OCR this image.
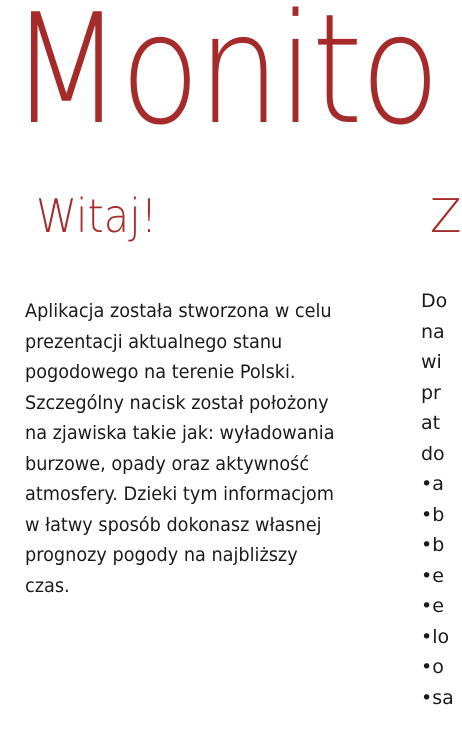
Monito
Witaj!	Z

Aplikacja została stworzona w celu
prezentacji aktualnego stanu
pogodowego na terenie Polski.
Szczególny nacisk został położony
na zjawiska takie jak: wyładowania
burzowe, opady oraz aktywność
atmosfery. Dzieki tym informacjom
w łatwy sposób dokonasz własnej
prognozy pogody na najbliższy
czas.

Do
na
wi
pr
at
do
•a
•b
•b
•e
•e
•lo
•o
•sa
